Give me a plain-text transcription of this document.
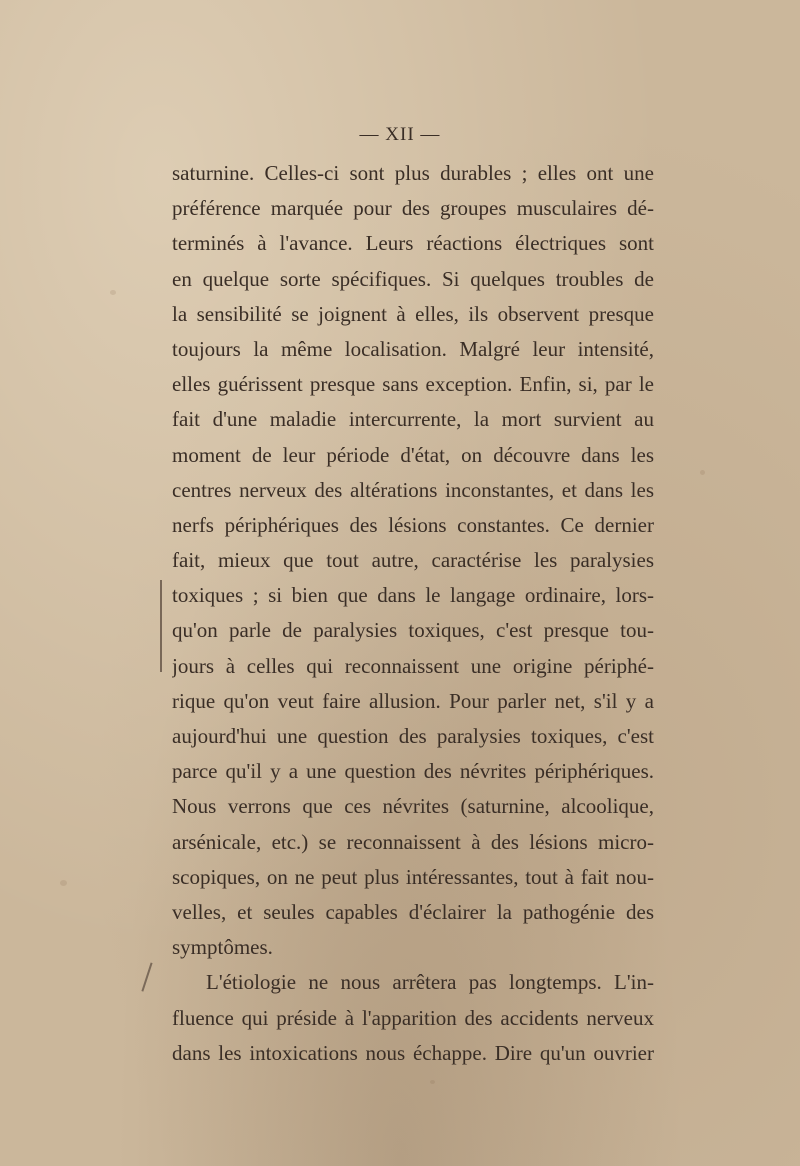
— XII —
saturnine. Celles-ci sont plus durables ; elles ont une
préférence marquée pour des groupes musculaires dé-
terminés à l'avance. Leurs réactions électriques sont
en quelque sorte spécifiques. Si quelques troubles de
la sensibilité se joignent à elles, ils observent presque
toujours la même localisation. Malgré leur intensité,
elles guérissent presque sans exception. Enfin, si, par le
fait d'une maladie intercurrente, la mort survient au
moment de leur période d'état, on découvre dans les
centres nerveux des altérations inconstantes, et dans les
nerfs périphériques des lésions constantes. Ce dernier
fait, mieux que tout autre, caractérise les paralysies
toxiques ; si bien que dans le langage ordinaire, lors-
qu'on parle de paralysies toxiques, c'est presque tou-
jours à celles qui reconnaissent une origine périphé-
rique qu'on veut faire allusion. Pour parler net, s'il y a
aujourd'hui une question des paralysies toxiques, c'est
parce qu'il y a une question des névrites périphériques.
Nous verrons que ces névrites (saturnine, alcoolique,
arsénicale, etc.) se reconnaissent à des lésions micro-
scopiques, on ne peut plus intéressantes, tout à fait nou-
velles, et seules capables d'éclairer la pathogénie des
symptômes.
L'étiologie ne nous arrêtera pas longtemps. L'in-
fluence qui préside à l'apparition des accidents nerveux
dans les intoxications nous échappe. Dire qu'un ouvrier
